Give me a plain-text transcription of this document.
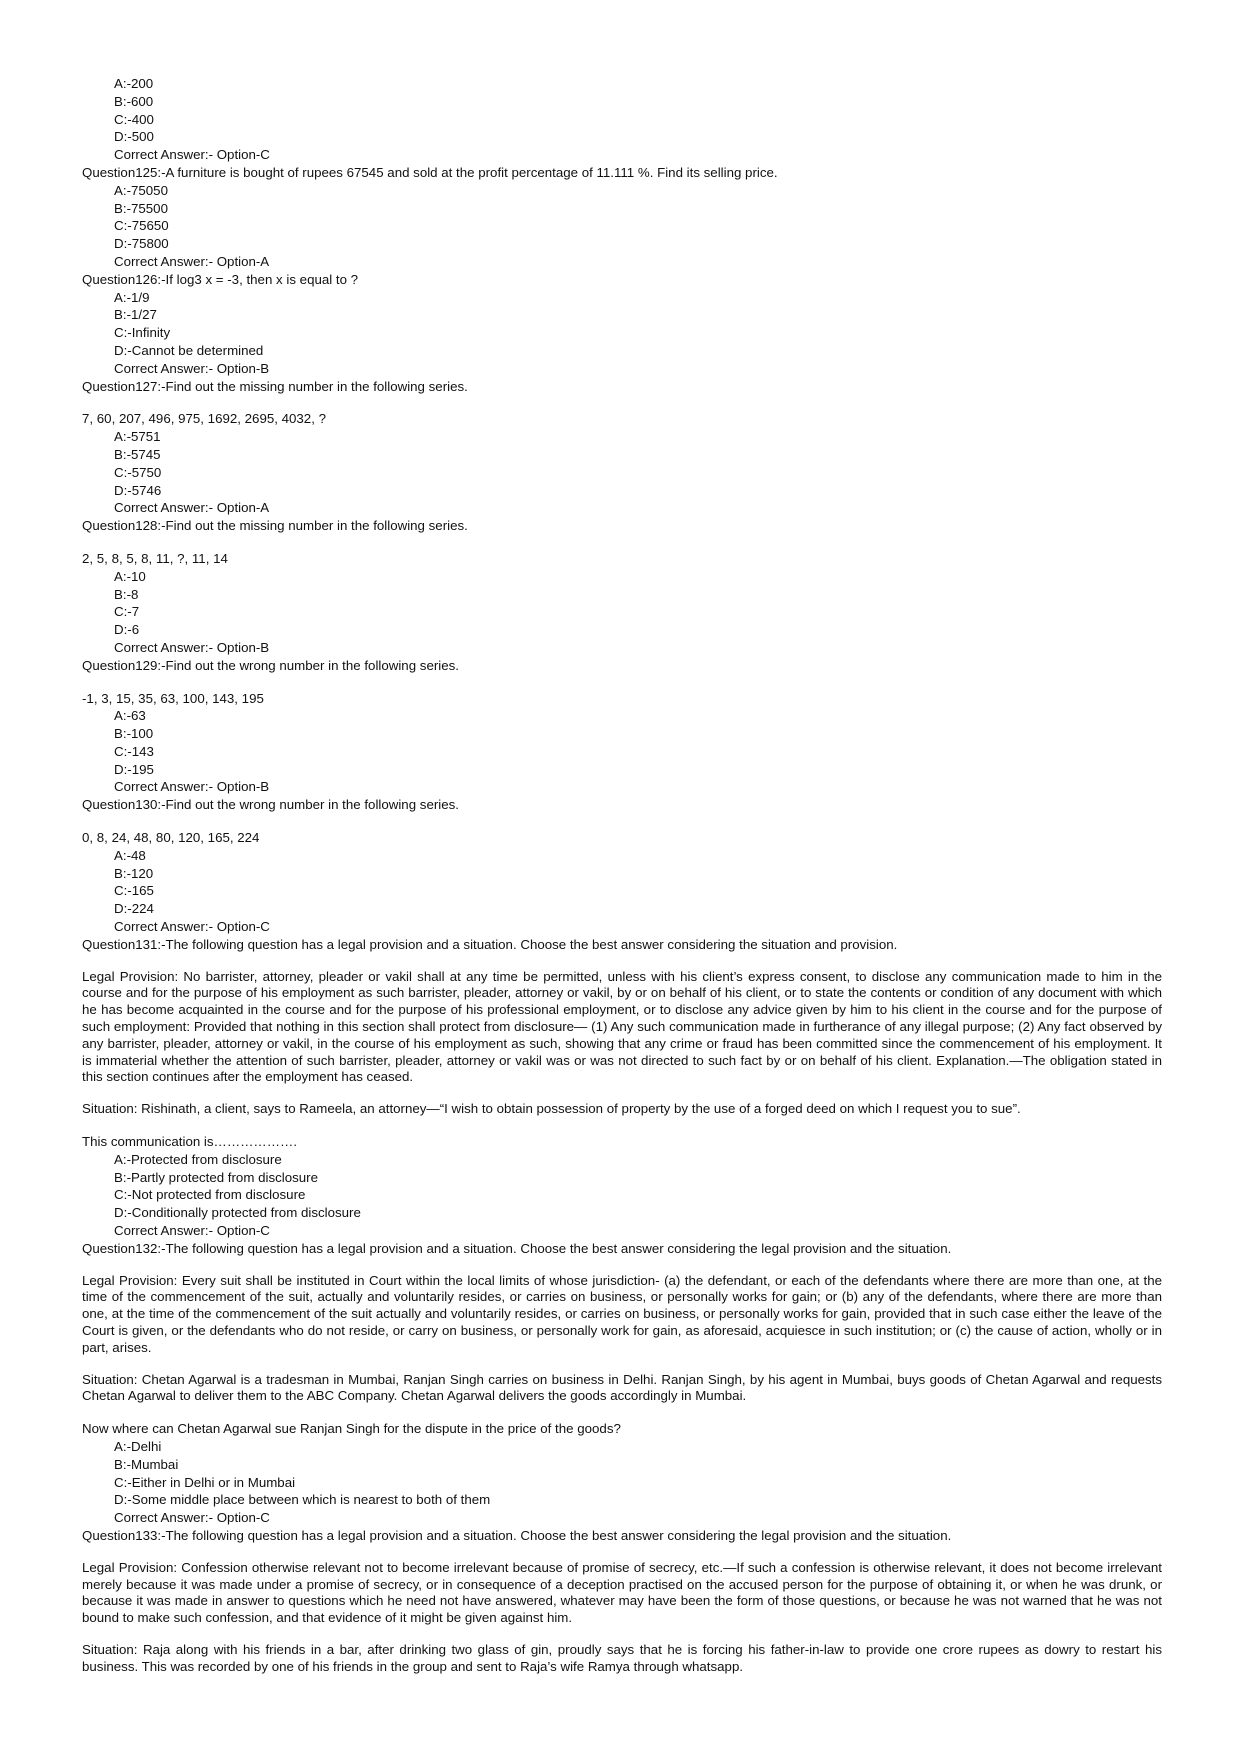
A:-200
B:-600
C:-400
D:-500
Correct Answer:- Option-C
Question125:-A furniture is bought of rupees 67545 and sold at the profit percentage of 11.111 %. Find its selling price.
A:-75050
B:-75500
C:-75650
D:-75800
Correct Answer:- Option-A
Question126:-If log3 x = -3, then x is equal to ?
A:-1/9
B:-1/27
C:-Infinity
D:-Cannot be determined
Correct Answer:- Option-B
Question127:-Find out the missing number in the following series.
7, 60, 207, 496, 975, 1692, 2695, 4032, ?
A:-5751
B:-5745
C:-5750
D:-5746
Correct Answer:- Option-A
Question128:-Find out the missing number in the following series.
2, 5, 8, 5, 8, 11, ?, 11, 14
A:-10
B:-8
C:-7
D:-6
Correct Answer:- Option-B
Question129:-Find out the wrong number in the following series.
-1, 3, 15, 35, 63, 100, 143, 195
A:-63
B:-100
C:-143
D:-195
Correct Answer:- Option-B
Question130:-Find out the wrong number in the following series.
0, 8, 24, 48, 80, 120, 165, 224
A:-48
B:-120
C:-165
D:-224
Correct Answer:- Option-C
Question131:-The following question has a legal provision and a situation. Choose the best answer considering the situation and provision.
Legal Provision: No barrister, attorney, pleader or vakil shall at any time be permitted, unless with his client’s express consent, to disclose any communication made to him in the course and for the purpose of his employment as such barrister, pleader, attorney or vakil, by or on behalf of his client, or to state the contents or condition of any document with which he has become acquainted in the course and for the purpose of his professional employment, or to disclose any advice given by him to his client in the course and for the purpose of such employment: Provided that nothing in this section shall protect from disclosure— (1) Any such communication made in furtherance of any illegal purpose; (2) Any fact observed by any barrister, pleader, attorney or vakil, in the course of his employment as such, showing that any crime or fraud has been committed since the commencement of his employment. It is immaterial whether the attention of such barrister, pleader, attorney or vakil was or was not directed to such fact by or on behalf of his client. Explanation.—The obligation stated in this section continues after the employment has ceased.
Situation: Rishinath, a client, says to Rameela, an attorney—“I wish to obtain possession of property by the use of a forged deed on which I request you to sue”.
This communication is……………….
A:-Protected from disclosure
B:-Partly protected from disclosure
C:-Not protected from disclosure
D:-Conditionally protected from disclosure
Correct Answer:- Option-C
Question132:-The following question has a legal provision and a situation. Choose the best answer considering the legal provision and the situation.
Legal Provision: Every suit shall be instituted in Court within the local limits of whose jurisdiction- (a) the defendant, or each of the defendants where there are more than one, at the time of the commencement of the suit, actually and voluntarily resides, or carries on business, or personally works for gain; or (b) any of the defendants, where there are more than one, at the time of the commencement of the suit actually and voluntarily resides, or carries on business, or personally works for gain, provided that in such case either the leave of the Court is given, or the defendants who do not reside, or carry on business, or personally work for gain, as aforesaid, acquiesce in such institution; or (c) the cause of action, wholly or in part, arises.
Situation: Chetan Agarwal is a tradesman in Mumbai, Ranjan Singh carries on business in Delhi. Ranjan Singh, by his agent in Mumbai, buys goods of Chetan Agarwal and requests Chetan Agarwal to deliver them to the ABC Company. Chetan Agarwal delivers the goods accordingly in Mumbai.
Now where can Chetan Agarwal sue Ranjan Singh for the dispute in the price of the goods?
A:-Delhi
B:-Mumbai
C:-Either in Delhi or in Mumbai
D:-Some middle place between which is nearest to both of them
Correct Answer:- Option-C
Question133:-The following question has a legal provision and a situation. Choose the best answer considering the legal provision and the situation.
Legal Provision: Confession otherwise relevant not to become irrelevant because of promise of secrecy, etc.—If such a confession is otherwise relevant, it does not become irrelevant merely because it was made under a promise of secrecy, or in consequence of a deception practised on the accused person for the purpose of obtaining it, or when he was drunk, or because it was made in answer to questions which he need not have answered, whatever may have been the form of those questions, or because he was not warned that he was not bound to make such confession, and that evidence of it might be given against him.
Situation: Raja along with his friends in a bar, after drinking two glass of gin, proudly says that he is forcing his father-in-law to provide one crore rupees as dowry to restart his business. This was recorded by one of his friends in the group and sent to Raja’s wife Ramya through whatsapp.
